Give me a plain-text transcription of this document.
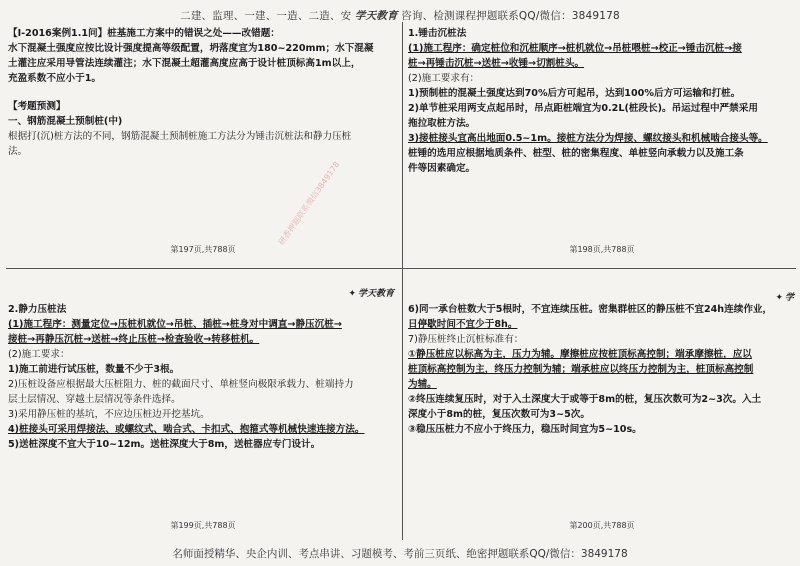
二建、监理、一建、一造、二造、安 学天教育 咨询、检测课程押题联系QQ/微信：3849178
【Ⅰ-2016案例1.1问】桩基施工方案中的错误之处——改错题：
水下混凝土强度应按比设计强度提高等级配置，坍落度宜为180~220mm；水下混凝
土灌注应采用导管法连续灌注；水下混凝土超灌高度应高于设计桩顶标高1m以上，
充盈系数不应小于1。
【考题预测】
一、钢筋混凝土预制桩(中)
根据打(沉)桩方法的不同，钢筋混凝土预制桩施工方法分为锤击沉桩法和静力压桩
法。
研香押题联系微信3849178
第197页,共788页
1.锤击沉桩法
(1)施工程序：确定桩位和沉桩顺序→桩机就位→吊桩喂桩→校正→锤击沉桩→接
桩→再锤击沉桩→送桩→收锤→切割桩头。
(2)施工要求有：
1)预制桩的混凝土强度达到70%后方可起吊，达到100%后方可运输和打桩。
2)单节桩采用两支点起吊时，吊点距桩端宜为0.2L(桩段长)。吊运过程中严禁采用
拖拉取桩方法。
3)接桩接头宜高出地面0.5~1m。接桩方法分为焊接、螺纹接头和机械啮合接头等。
桩锤的选用应根据地质条件、桩型、桩的密集程度、单桩竖向承载力以及施工条
件等因素确定。
第198页,共788页
✦ 学天教育
2.静力压桩法
(1)施工程序：测量定位→压桩机就位→吊桩、插桩→桩身对中调直→静压沉桩→
接桩→再静压沉桩→送桩→终止压桩→检查验收→转移桩机。
(2)施工要求：
1)施工前进行试压桩，数量不少于3根。
2)压桩设备应根据最大压桩阻力、桩的截面尺寸、单桩竖向极限承载力、桩端持力
层土层情况、穿越土层情况等条件选择。
3)采用静压桩的基坑，不应边压桩边开挖基坑。
4)桩接头可采用焊接法、或螺纹式、啮合式、卡扣式、抱箍式等机械快速连接方法。
5)送桩深度不宜大于10~12m。送桩深度大于8m，送桩器应专门设计。
第199页,共788页
✦ 学
6)同一承台桩数大于5根时，不宜连续压桩。密集群桩区的静压桩不宜24h连续作业，
日停歇时间不宜少于8h。
7)静压桩终止沉桩标准有：
①静压桩应以标高为主，压力为辅。摩擦桩应按桩顶标高控制；端承摩擦桩，应以
桩顶标高控制为主，终压力控制为辅；端承桩应以终压力控制为主，桩顶标高控制
为辅。
②终压连续复压时，对于入土深度大于或等于8m的桩，复压次数可为2~3次。入土
深度小于8m的桩，复压次数可为3~5次。
③稳压压桩力不应小于终压力，稳压时间宜为5~10s。
第200页,共788页
名师面授精华、央企内训、考点串讲、习题模考、考前三页纸、绝密押题联系QQ/微信：3849178
